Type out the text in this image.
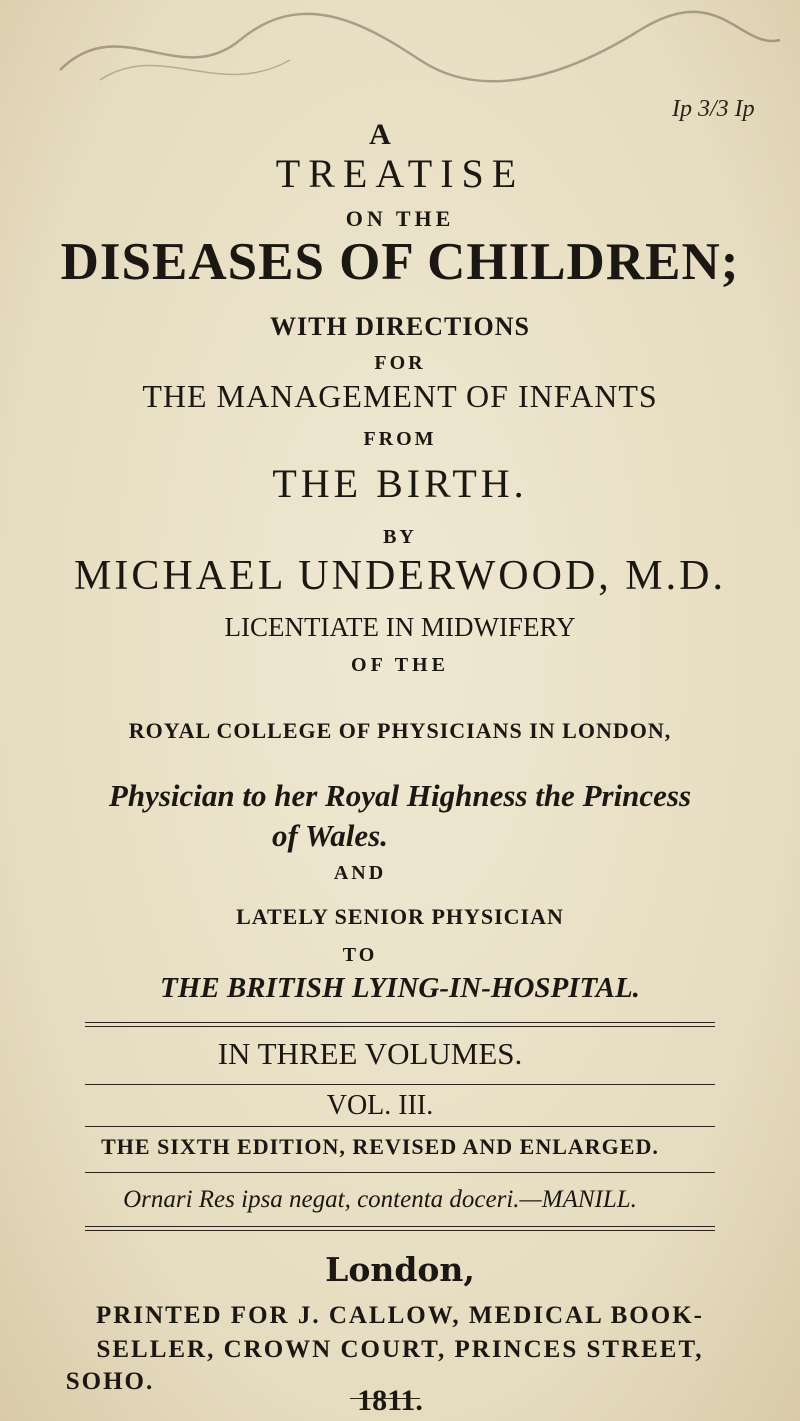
Ip 3/3 Ip
A
TREATISE
ON THE
DISEASES OF CHILDREN;
WITH DIRECTIONS
FOR
THE MANAGEMENT OF INFANTS
FROM
THE BIRTH.
BY
MICHAEL UNDERWOOD, M.D.
LICENTIATE IN MIDWIFERY
OF THE
ROYAL COLLEGE OF PHYSICIANS IN LONDON,
Physician to her Royal Highness the Princess
of Wales.
AND
LATELY SENIOR PHYSICIAN
TO
THE BRITISH LYING-IN-HOSPITAL.
IN THREE VOLUMES.
VOL. III.
THE SIXTH EDITION, REVISED AND ENLARGED.
Ornari Res ipsa negat, contenta doceri.—MANILL.
London,
PRINTED FOR J. CALLOW, MEDICAL BOOK-
SELLER, CROWN COURT, PRINCES STREET,
SOHO.
1811.
